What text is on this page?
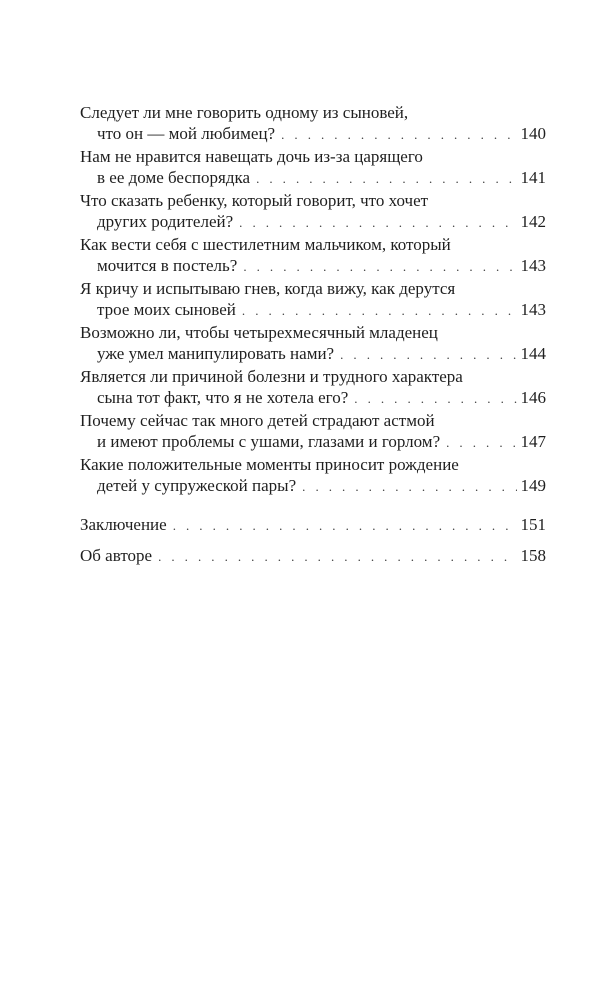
Следует ли мне говорить одному из сыновей,
что он — мой любимец? . . .	140
Нам не нравится навещать дочь из-за царящего
в ее доме беспорядка . . .	141
Что сказать ребенку, который говорит, что хочет
других родителей? . . .	142
Как вести себя с шестилетним мальчиком, который
мочится в постель? . . .	143
Я кричу и испытываю гнев, когда вижу, как дерутся
трое моих сыновей . . .	143
Возможно ли, чтобы четырехмесячный младенец
уже умел манипулировать нами? . . .	144
Является ли причиной болезни и трудного характера
сына тот факт, что я не хотела его? . . .	146
Почему сейчас так много детей страдают астмой
и имеют проблемы с ушами, глазами и горлом? . . .	147
Какие положительные моменты приносит рождение
детей у супружеской пары? . . .	149
Заключение . . .	151
Об авторе . . .	158
